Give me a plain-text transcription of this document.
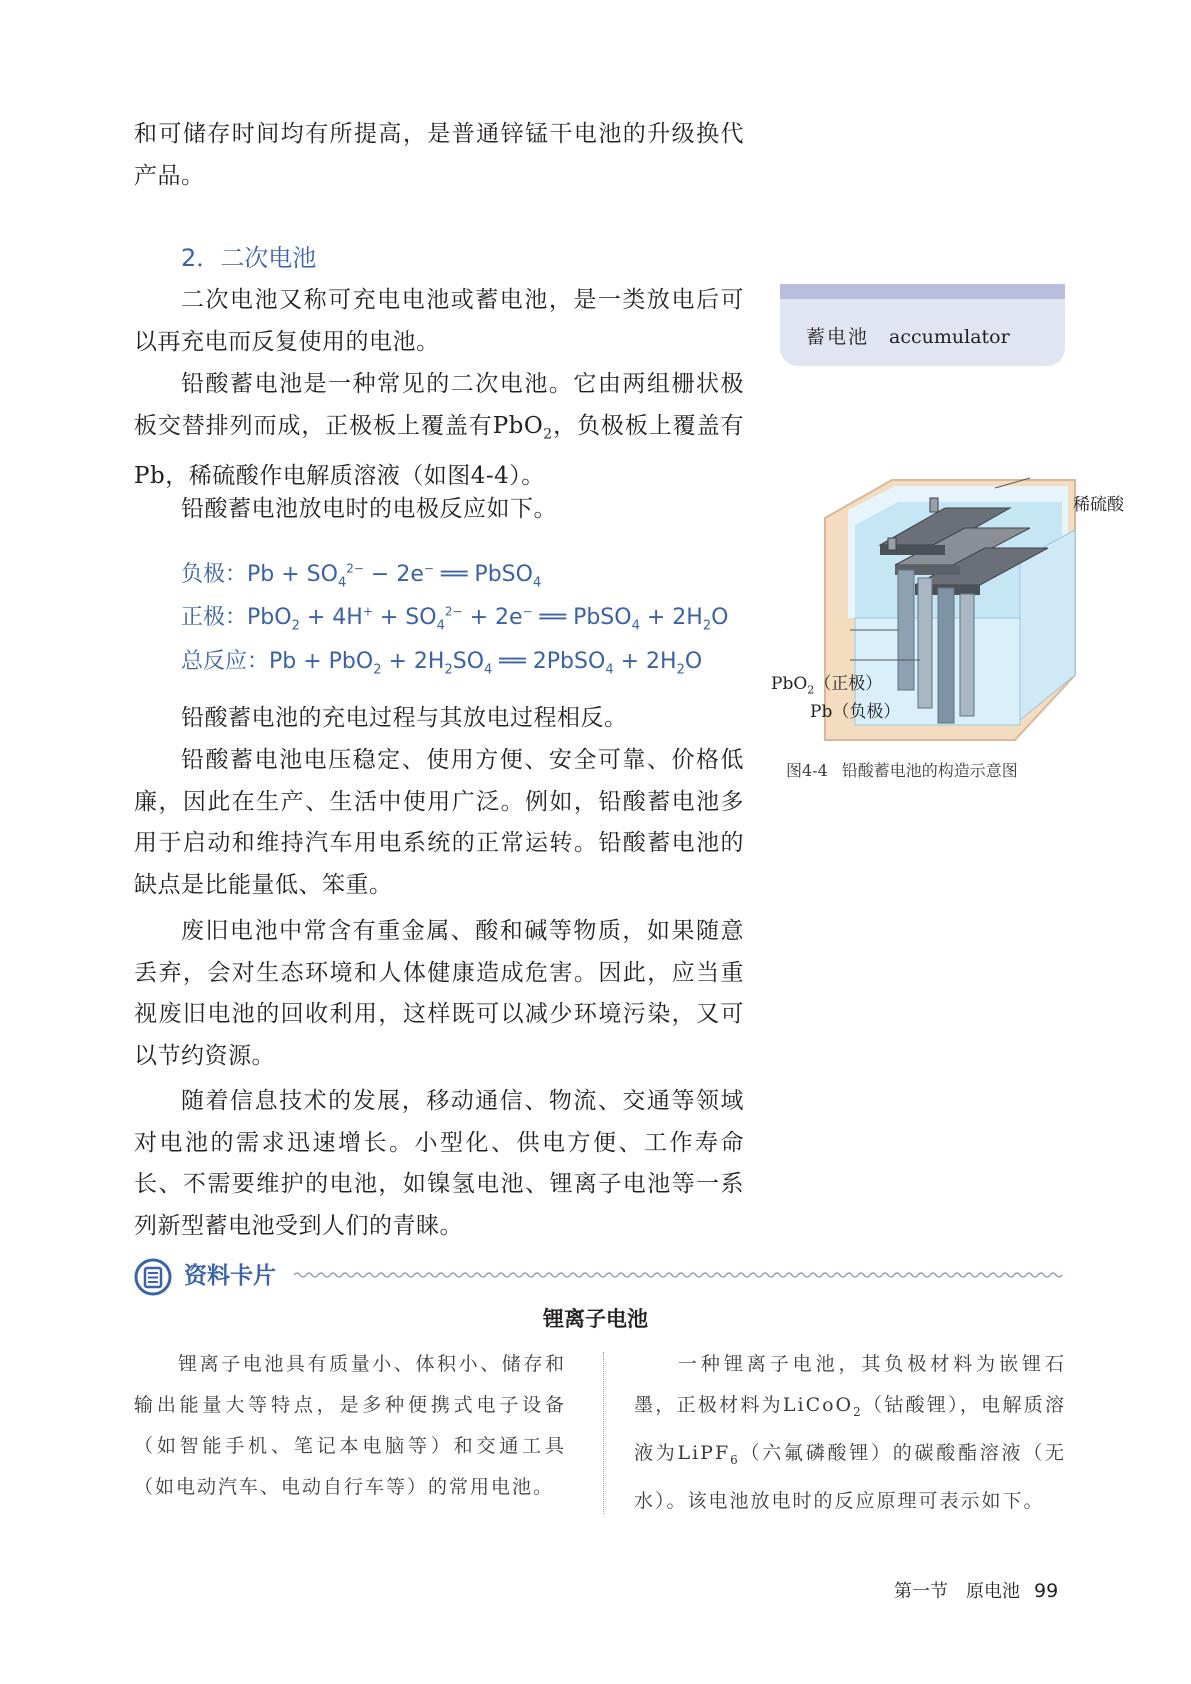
和可储存时间均有所提高，是普通锌锰干电池的升级换代产品。
2．二次电池
二次电池又称可充电电池或蓄电池，是一类放电后可以再充电而反复使用的电池。
铅酸蓄电池是一种常见的二次电池。它由两组栅状极板交替排列而成，正极板上覆盖有PbO$_2$，负极板上覆盖有Pb，稀硫酸作电解质溶液（如图4-4）。
铅酸蓄电池放电时的电极反应如下。
负极：$Pb + SO_4^{2-} - 2e^-$ ══ PbSO$_4$
正极：$PbO_2 + 4H^+ + SO_4^{2-} + 2e^-$ ══ PbSO$_4$ + $2H_2O$
总反应：$Pb + PbO_2 + 2H_2SO_4$ ══ 2PbSO$_4$ + $2H_2O$
铅酸蓄电池的充电过程与其放电过程相反。
铅酸蓄电池电压稳定、使用方便、安全可靠、价格低廉，因此在生产、生活中使用广泛。例如，铅酸蓄电池多用于启动和维持汽车用电系统的正常运转。铅酸蓄电池的缺点是比能量低、笨重。
废旧电池中常含有重金属、酸和碱等物质，如果随意丢弃，会对生态环境和人体健康造成危害。因此，应当重视废旧电池的回收利用，这样既可以减少环境污染，又可以节约资源。
随着信息技术的发展，移动通信、物流、交通等领域对电池的需求迅速增长。小型化、供电方便、工作寿命长、不需要维护的电池，如镍氢电池、锂离子电池等一系列新型蓄电池受到人们的青睐。
蓄电池 accumulator
稀硫酸
PbO$_2$（正极）
Pb（负极）
图4-4 铅酸蓄电池的构造示意图
资料卡片
锂离子电池
锂离子电池具有质量小、体积小、储存和输出能量大等特点，是多种便携式电子设备（如智能手机、笔记本电脑等）和交通工具（如电动汽车、电动自行车等）的常用电池。
一种锂离子电池，其负极材料为嵌锂石墨，正极材料为LiCoO$_2$（钴酸锂），电解质溶液为LiPF$_6$（六氟磷酸锂）的碳酸酯溶液（无水）。该电池放电时的反应原理可表示如下。
第一节　原电池 99
